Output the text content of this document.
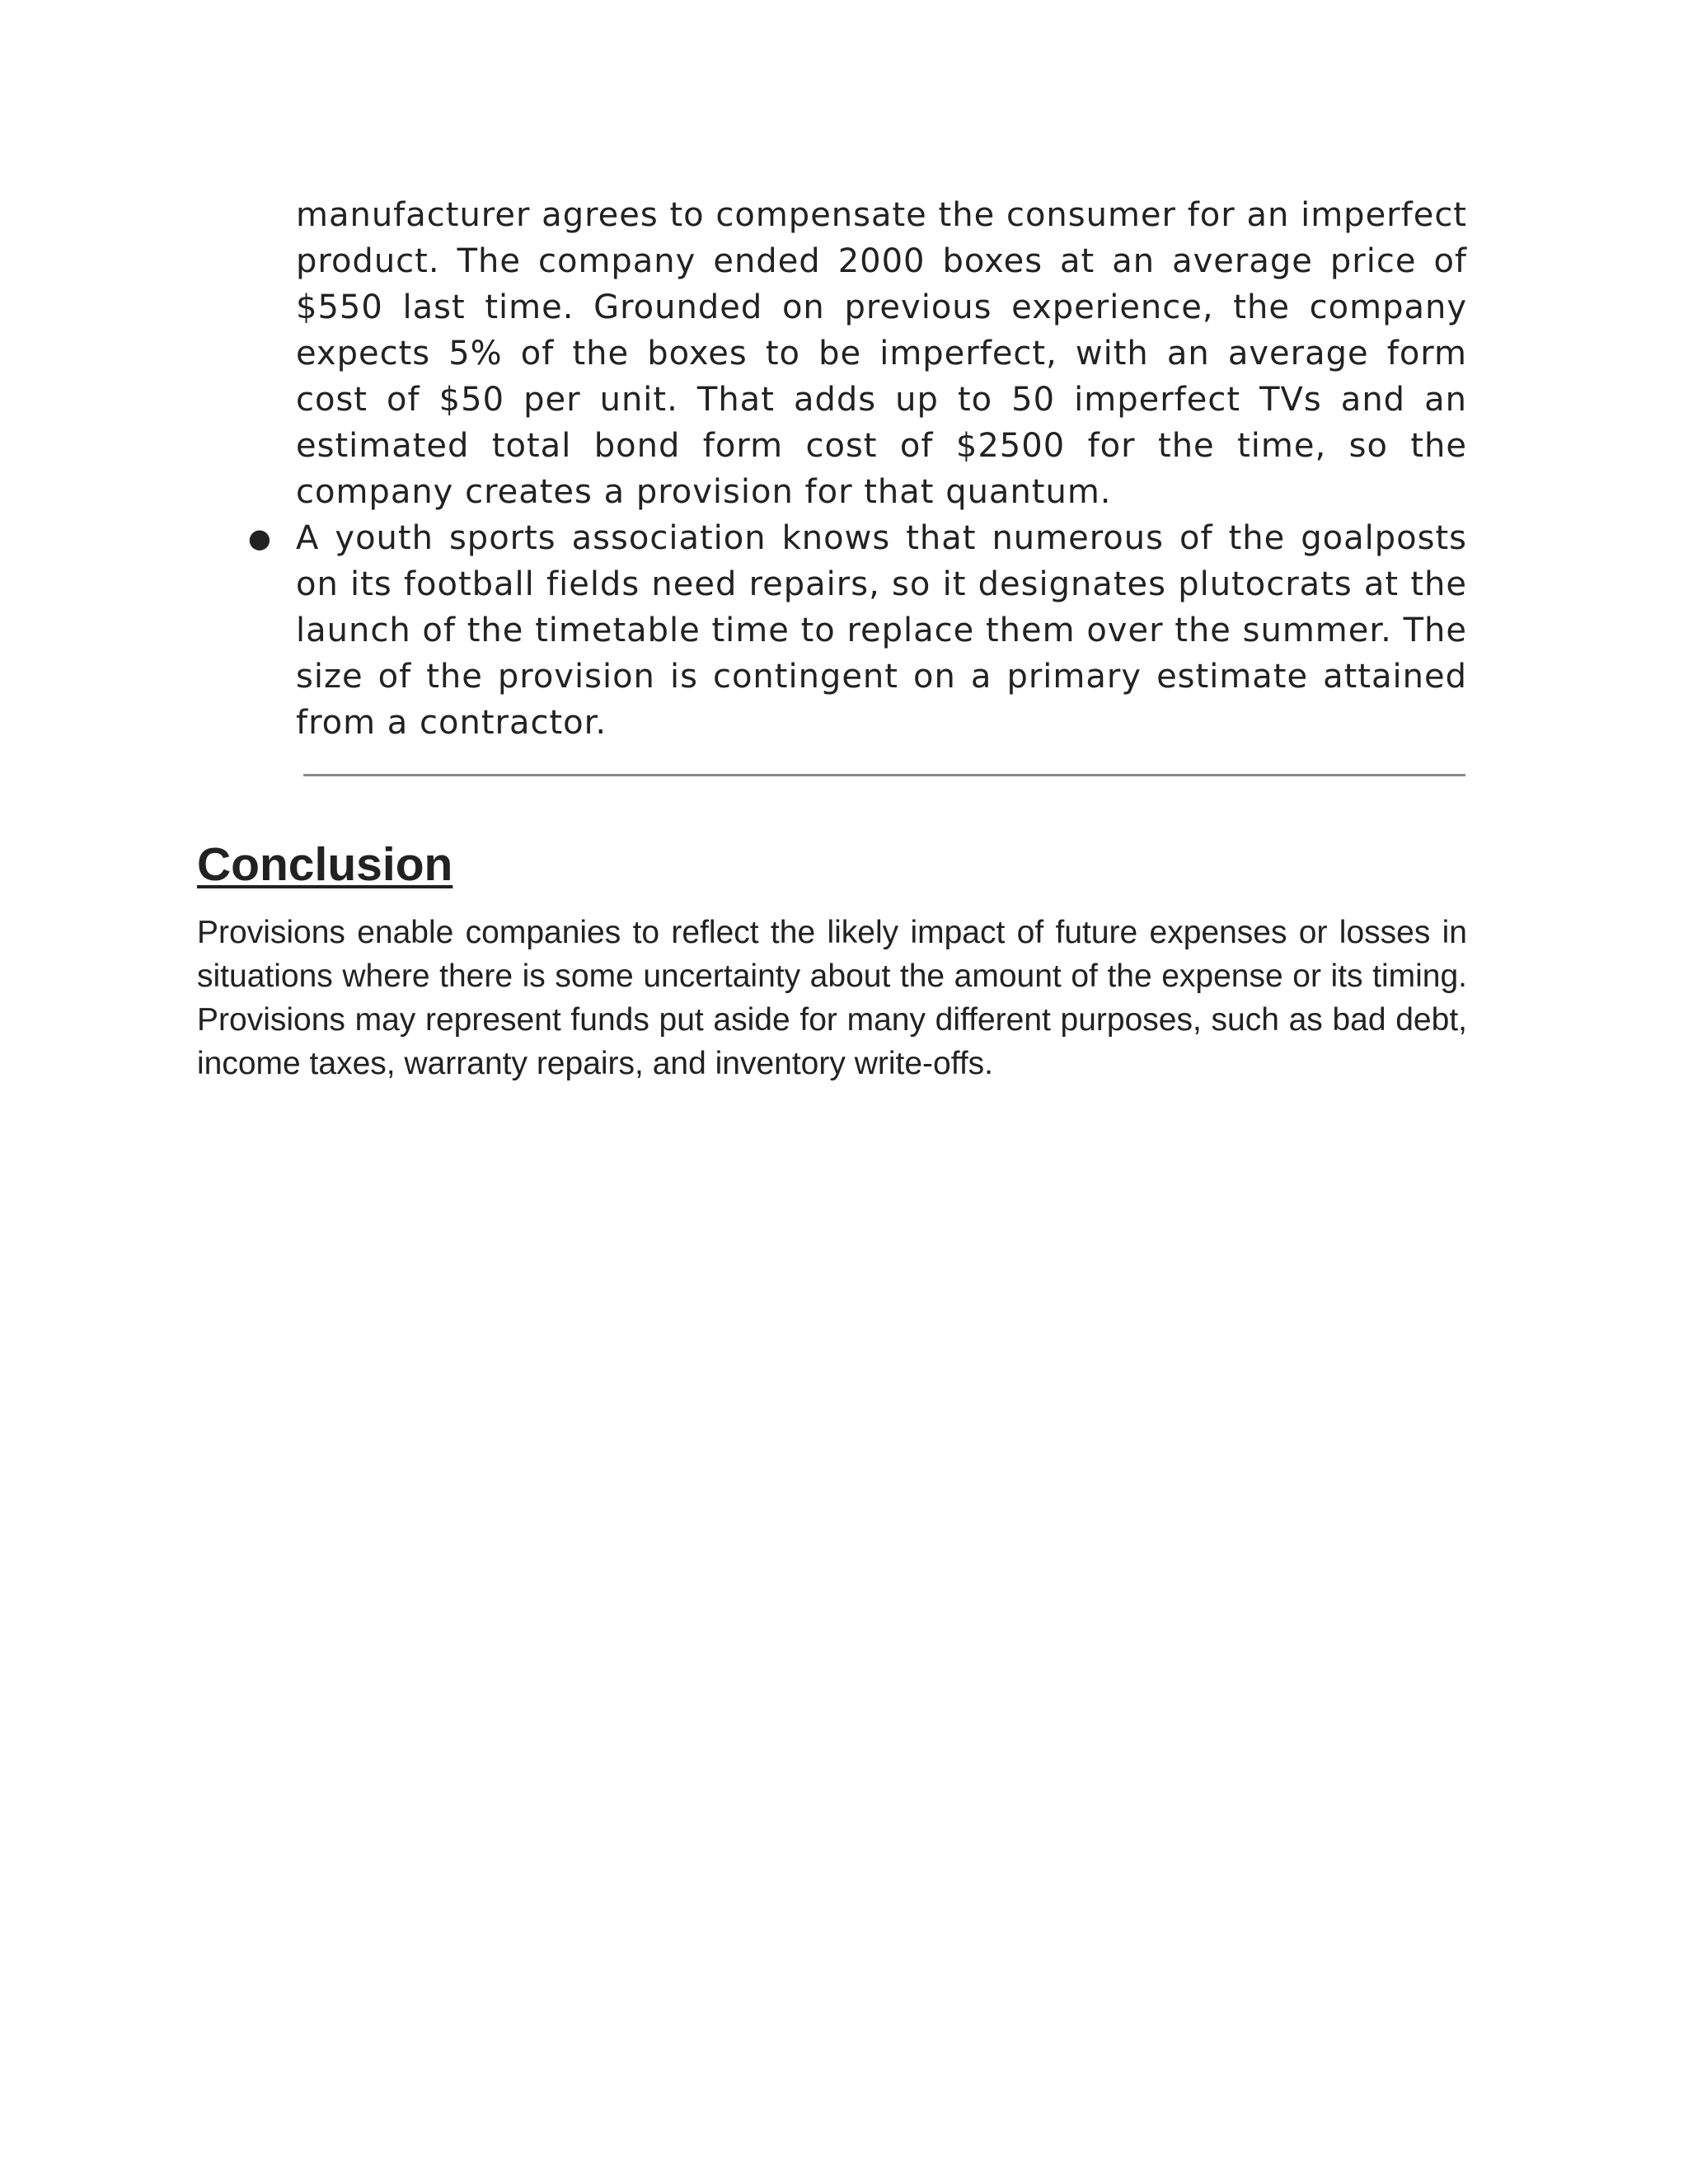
manufacturer agrees to compensate the consumer for an imperfect product. The company ended 2000 boxes at an average price of $550 last time. Grounded on previous experience, the company expects 5% of the boxes to be imperfect, with an average form cost of $50 per unit. That adds up to 50 imperfect TVs and an estimated total bond form cost of $2500 for the time, so the company creates a provision for that quantum.

● A youth sports association knows that numerous of the goalposts on its football fields need repairs, so it designates plutocrats at the launch of the timetable time to replace them over the summer. The size of the provision is contingent on a primary estimate attained from a contractor.

Conclusion

Provisions enable companies to reflect the likely impact of future expenses or losses in situations where there is some uncertainty about the amount of the expense or its timing. Provisions may represent funds put aside for many different purposes, such as bad debt, income taxes, warranty repairs, and inventory write-offs.
